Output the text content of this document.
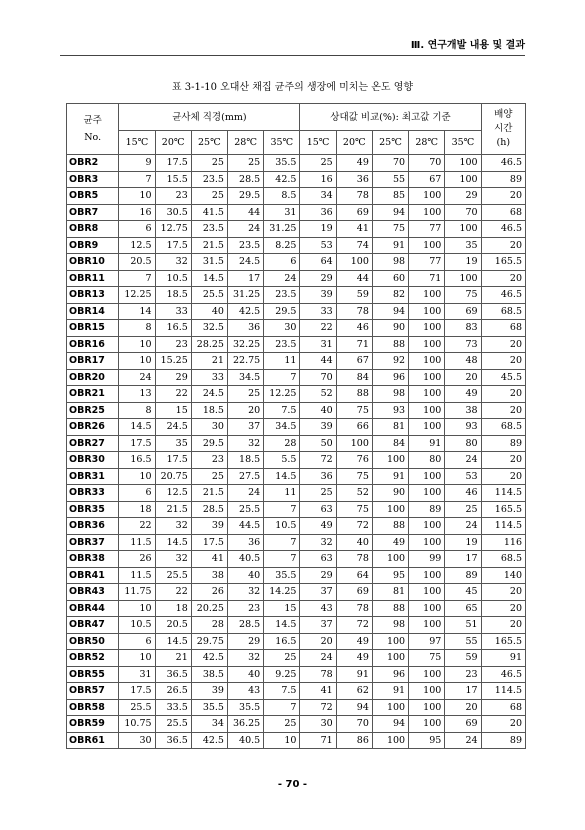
Ⅲ. 연구개발 내용 및 결과
표 3-1-10 오대산 채집 균주의 생장에 미치는 온도 영향
균주
No.	균사체 직경(mm)					상대값 비교(%): 최고값 기준					배양
시간
(h)
	15℃	20℃	25℃	28℃	35℃	15℃	20℃	25℃	28℃	35℃	
OBR2	9	17.5	25	25	35.5	25	49	70	70	100	46.5
OBR3	7	15.5	23.5	28.5	42.5	16	36	55	67	100	89
OBR5	10	23	25	29.5	8.5	34	78	85	100	29	20
OBR7	16	30.5	41.5	44	31	36	69	94	100	70	68
OBR8	6	12.75	23.5	24	31.25	19	41	75	77	100	46.5
OBR9	12.5	17.5	21.5	23.5	8.25	53	74	91	100	35	20
OBR10	20.5	32	31.5	24.5	6	64	100	98	77	19	165.5
OBR11	7	10.5	14.5	17	24	29	44	60	71	100	20
OBR13	12.25	18.5	25.5	31.25	23.5	39	59	82	100	75	46.5
OBR14	14	33	40	42.5	29.5	33	78	94	100	69	68.5
OBR15	8	16.5	32.5	36	30	22	46	90	100	83	68
OBR16	10	23	28.25	32.25	23.5	31	71	88	100	73	20
OBR17	10	15.25	21	22.75	11	44	67	92	100	48	20
OBR20	24	29	33	34.5	7	70	84	96	100	20	45.5
OBR21	13	22	24.5	25	12.25	52	88	98	100	49	20
OBR25	8	15	18.5	20	7.5	40	75	93	100	38	20
OBR26	14.5	24.5	30	37	34.5	39	66	81	100	93	68.5
OBR27	17.5	35	29.5	32	28	50	100	84	91	80	89
OBR30	16.5	17.5	23	18.5	5.5	72	76	100	80	24	20
OBR31	10	20.75	25	27.5	14.5	36	75	91	100	53	20
OBR33	6	12.5	21.5	24	11	25	52	90	100	46	114.5
OBR35	18	21.5	28.5	25.5	7	63	75	100	89	25	165.5
OBR36	22	32	39	44.5	10.5	49	72	88	100	24	114.5
OBR37	11.5	14.5	17.5	36	7	32	40	49	100	19	116
OBR38	26	32	41	40.5	7	63	78	100	99	17	68.5
OBR41	11.5	25.5	38	40	35.5	29	64	95	100	89	140
OBR43	11.75	22	26	32	14.25	37	69	81	100	45	20
OBR44	10	18	20.25	23	15	43	78	88	100	65	20
OBR47	10.5	20.5	28	28.5	14.5	37	72	98	100	51	20
OBR50	6	14.5	29.75	29	16.5	20	49	100	97	55	165.5
OBR52	10	21	42.5	32	25	24	49	100	75	59	91
OBR55	31	36.5	38.5	40	9.25	78	91	96	100	23	46.5
OBR57	17.5	26.5	39	43	7.5	41	62	91	100	17	114.5
OBR58	25.5	33.5	35.5	35.5	7	72	94	100	100	20	68
OBR59	10.75	25.5	34	36.25	25	30	70	94	100	69	20
OBR61	30	36.5	42.5	40.5	10	71	86	100	95	24	89
- 70 -
